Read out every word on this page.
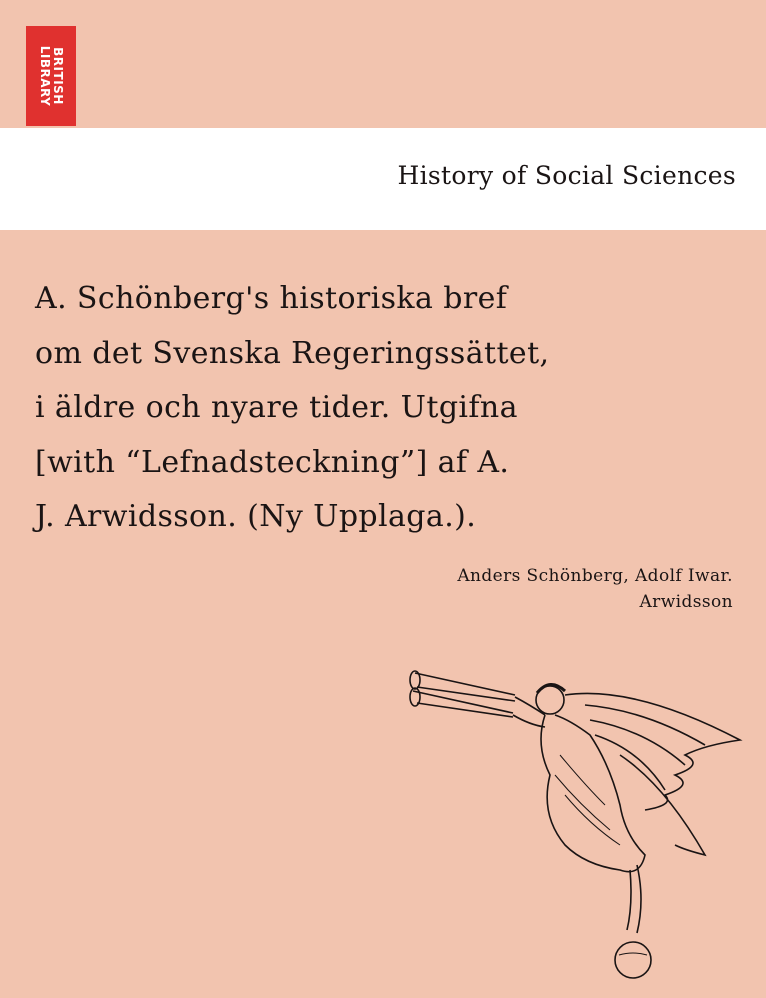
BRITISH
LIBRARY
History of Social Sciences
A. Schönberg's historiska bref
om det Svenska Regeringssättet,
i äldre och nyare tider. Utgifna
[with “Lefnadsteckning”] af A.
J. Arwidsson. (Ny Upplaga.).
Anders Schönberg, Adolf Iwar.
Arwidsson
